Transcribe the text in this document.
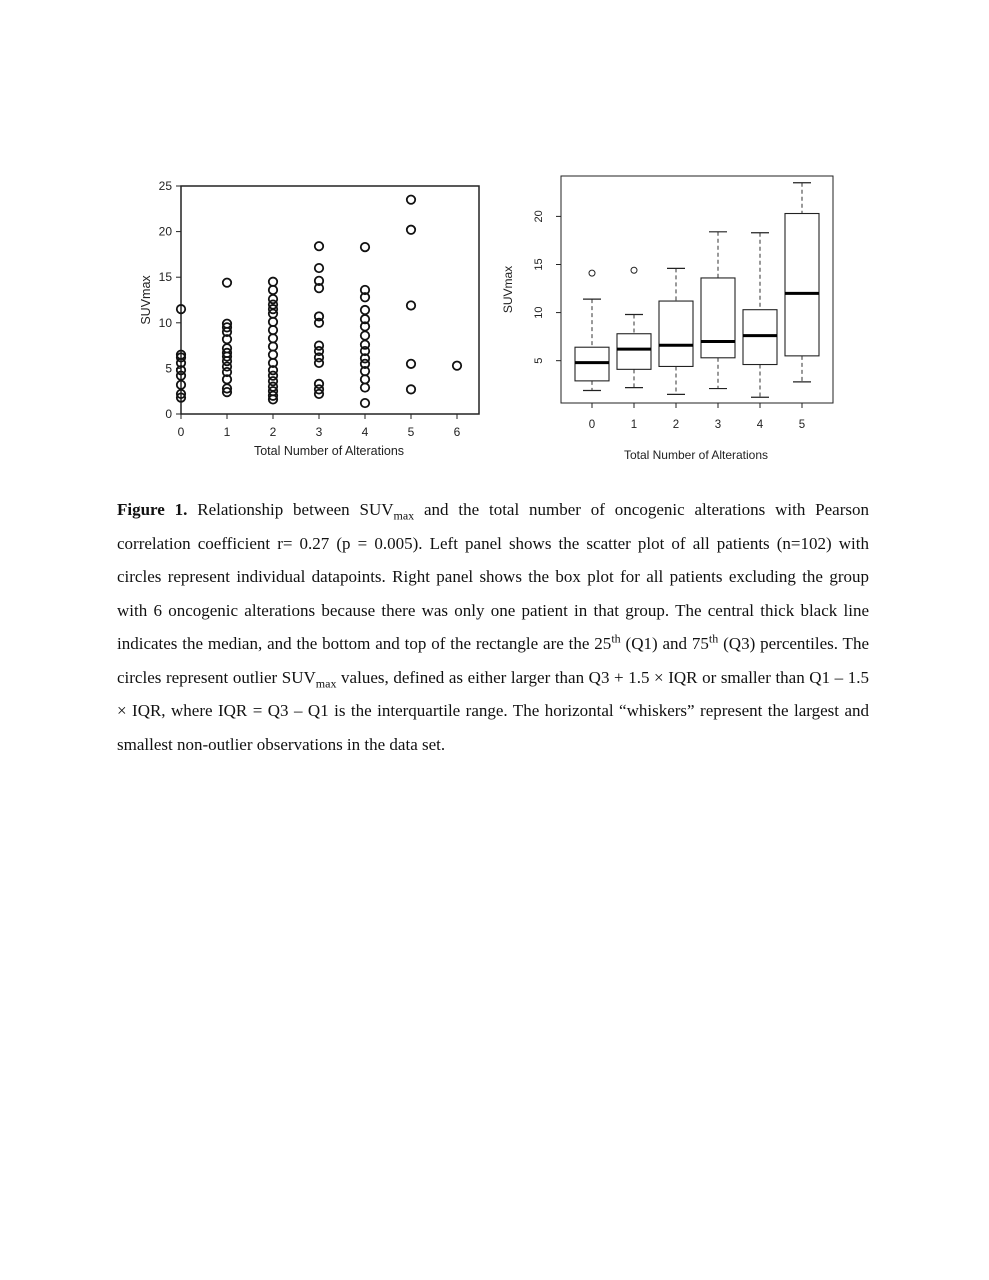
0
5
10
15
20
25
0	1	2	3	4	5	6
Total Number of Alterations
SUVmax
5
10
15
20
0	1	2	3	4	5
Total Number of Alterations
SUVmax

Figure 1. Relationship between $SUV_{max}$ and the total number of oncogenic alterations with Pearson correlation coefficient r= 0.27 (p = 0.005). Left panel shows the scatter plot of all patients (n=102) with circles represent individual datapoints. Right panel shows the box plot for all patients excluding the group with 6 oncogenic alterations because there was only one patient in that group. The central thick black line indicates the median, and the bottom and top of the rectangle are the 25th (Q1) and 75th (Q3) percentiles. The circles represent outlier $SUV_{max}$ values, defined as either larger than Q3 + 1.5 × IQR or smaller than Q1 – 1.5 × IQR, where IQR = Q3 – Q1 is the interquartile range. The horizontal “whiskers” represent the largest and smallest non-outlier observations in the data set.
